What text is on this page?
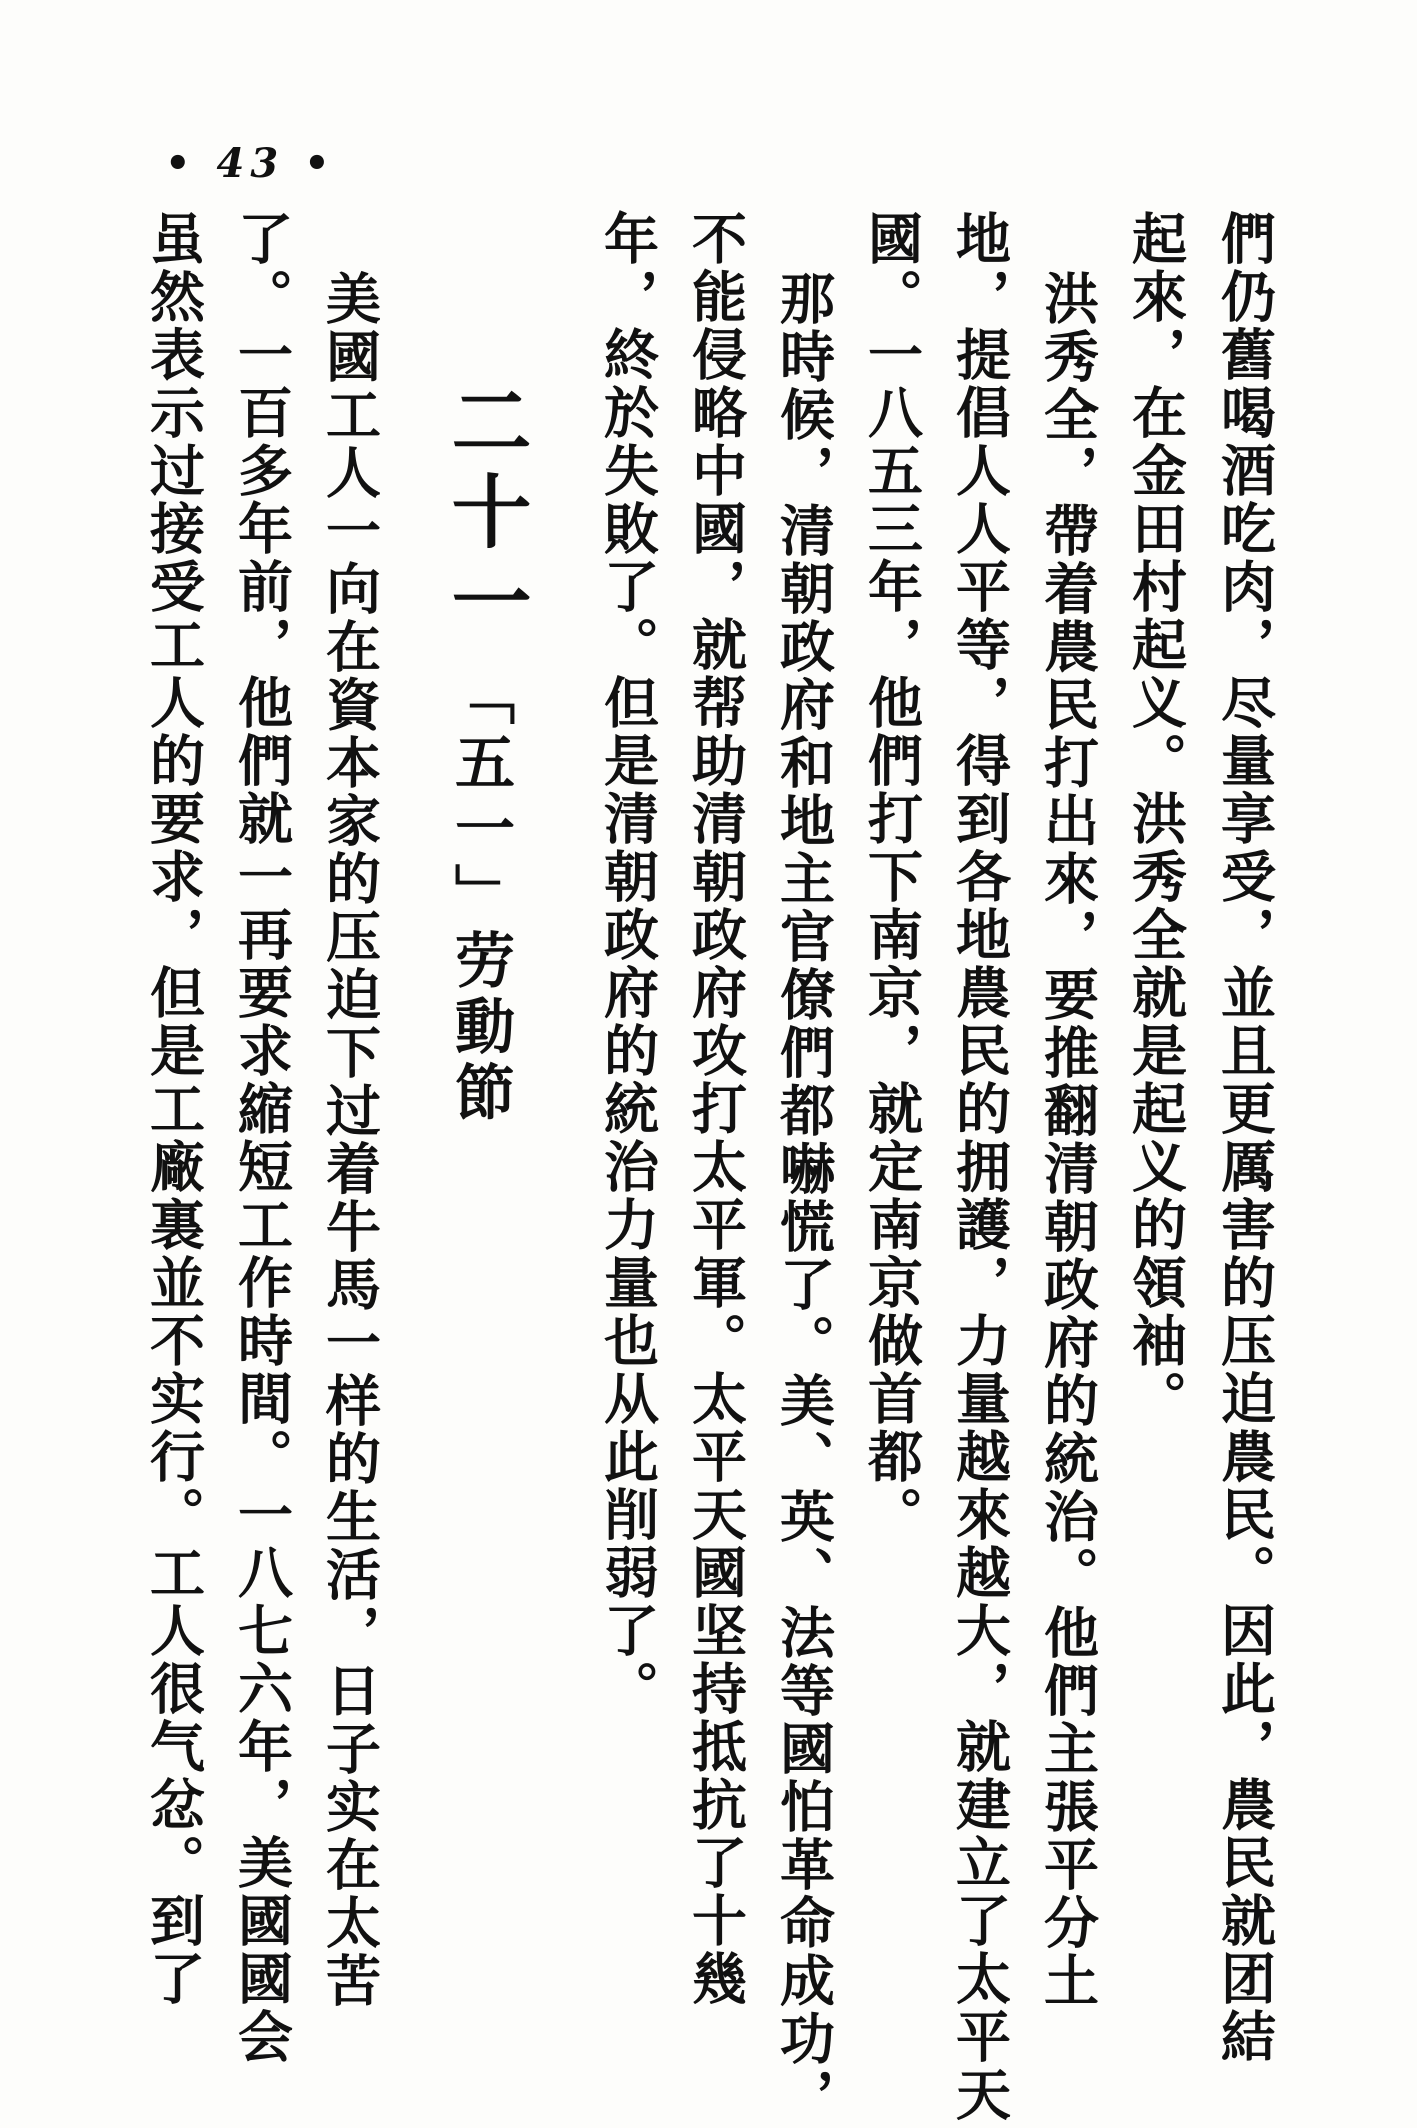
• 43 •
們仍舊喝酒吃肉，尽量享受，並且更厲害的压迫農民。因此，農民就团結
起來，在金田村起义。洪秀全就是起义的領袖。
洪秀全，帶着農民打出來，要推翻清朝政府的統治。他們主張平分土
地，提倡人人平等，得到各地農民的拥護，力量越來越大，就建立了太平天
國。一八五三年，他們打下南京，就定南京做首都。
那時候，清朝政府和地主官僚們都嚇慌了。美、英、法等國怕革命成功，
不能侵略中國，就帮助清朝政府攻打太平軍。太平天國坚持抵抗了十幾
年，終於失敗了。但是清朝政府的統治力量也从此削弱了。
二十一
「五一」劳動節
美國工人一向在資本家的压迫下过着牛馬一样的生活，日子实在太苦
了。一百多年前，他們就一再要求縮短工作時間。一八七六年，美國國会
虽然表示过接受工人的要求，但是工廠裏並不实行。工人很气忿。到了
